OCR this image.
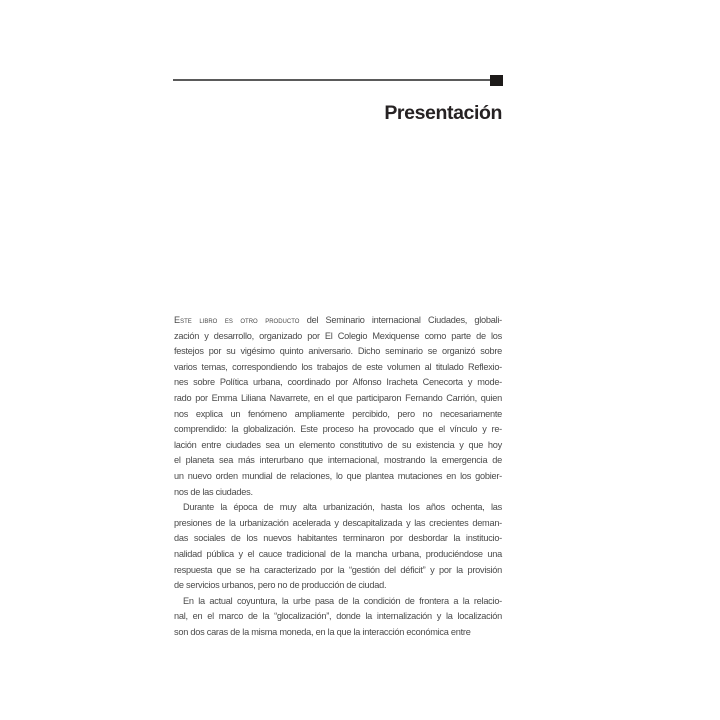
Presentación
Este libro es otro producto del Seminario internacional Ciudades, globali-
zación y desarrollo, organizado por El Colegio Mexiquense como parte de los
festejos por su vigésimo quinto aniversario. Dicho seminario se organizó sobre
varios temas, correspondiendo los trabajos de este volumen al titulado Reflexio-
nes sobre Política urbana, coordinado por Alfonso Iracheta Cenecorta y mode-
rado por Emma Liliana Navarrete, en el que participaron Fernando Carrión, quien
nos explica un fenómeno ampliamente percibido, pero no necesariamente
comprendido: la globalización. Este proceso ha provocado que el vínculo y re-
lación entre ciudades sea un elemento constitutivo de su existencia y que hoy
el planeta sea más interurbano que internacional, mostrando la emergencia de
un nuevo orden mundial de relaciones, lo que plantea mutaciones en los gobier-
nos de las ciudades.
Durante la época de muy alta urbanización, hasta los años ochenta, las
presiones de la urbanización acelerada y descapitalizada y las crecientes deman-
das sociales de los nuevos habitantes terminaron por desbordar la institucio-
nalidad pública y el cauce tradicional de la mancha urbana, produciéndose una
respuesta que se ha caracterizado por la “gestión del déficit” y por la provisión
de servicios urbanos, pero no de producción de ciudad.
En la actual coyuntura, la urbe pasa de la condición de frontera a la relacio-
nal, en el marco de la “glocalización”, donde la internalización y la localización
son dos caras de la misma moneda, en la que la interacción económica entre
